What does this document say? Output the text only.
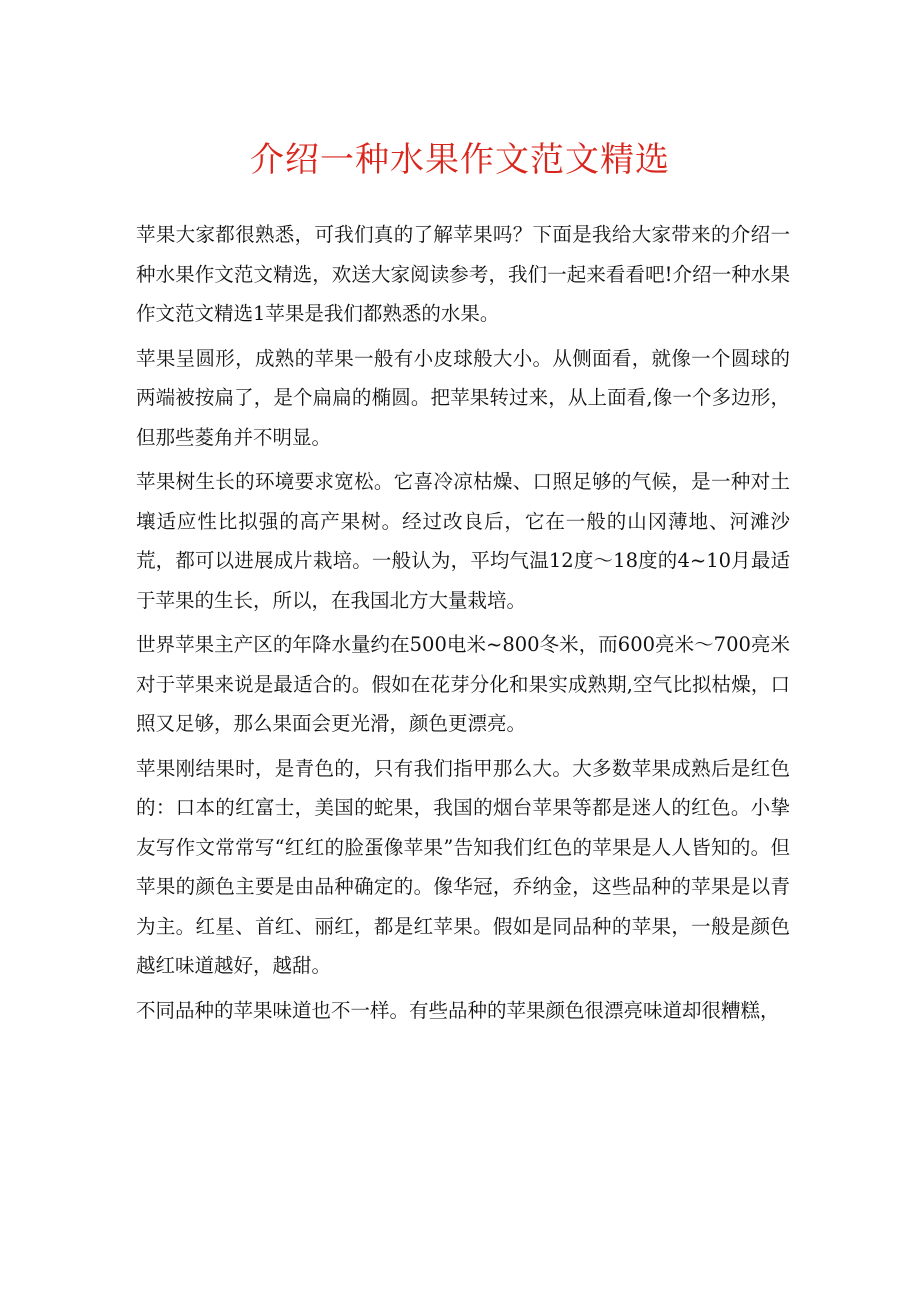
介绍一种水果作文范文精选

苹果大家都很熟悉，可我们真的了解苹果吗？下面是我给大家带来的介绍一种水果作文范文精选，欢送大家阅读参考，我们一起来看看吧!介绍一种水果作文范文精选1苹果是我们都熟悉的水果。

苹果呈圆形，成熟的苹果一般有小皮球般大小。从侧面看，就像一个圆球的两端被按扁了，是个扁扁的椭圆。把苹果转过来，从上面看,像一个多边形，但那些菱角并不明显。

苹果树生长的环境要求宽松。它喜冷凉枯燥、口照足够的气候，是一种对土壤适应性比拟强的高产果树。经过改良后，它在一般的山冈薄地、河滩沙荒，都可以进展成片栽培。一般认为，平均气温12度～18度的4~10月最适于苹果的生长，所以，在我国北方大量栽培。

世界苹果主产区的年降水量约在500电米~800冬米，而600亮米～700亮米对于苹果来说是最适合的。假如在花芽分化和果实成熟期,空气比拟枯燥，口照又足够，那么果面会更光滑，颜色更漂亮。

苹果刚结果时，是青色的，只有我们指甲那么大。大多数苹果成熟后是红色的：口本的红富士，美国的蛇果，我国的烟台苹果等都是迷人的红色。小挚友写作文常常写“红红的脸蛋像苹果”告知我们红色的苹果是人人皆知的。但苹果的颜色主要是由品种确定的。像华冠，乔纳金，这些品种的苹果是以青为主。红星、首红、丽红，都是红苹果。假如是同品种的苹果，一般是颜色越红味道越好，越甜。

不同品种的苹果味道也不一样。有些品种的苹果颜色很漂亮味道却很糟糕，
